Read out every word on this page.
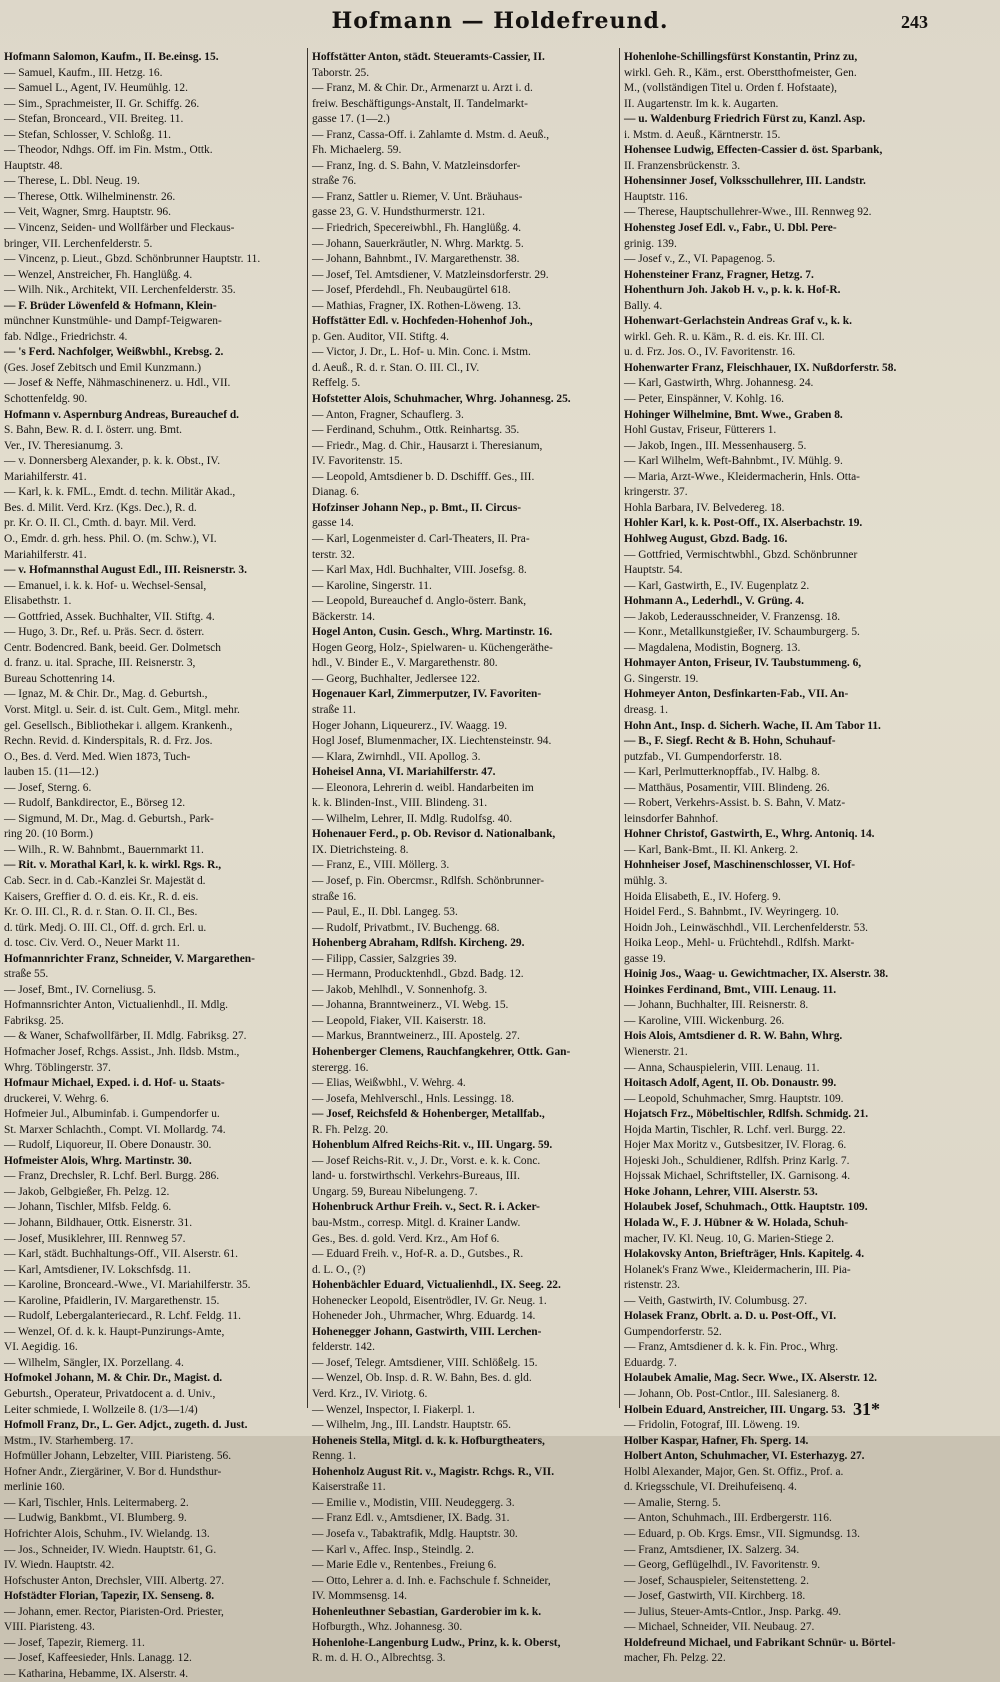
Hofmann — Holdefreund.	243
Hofmann Salomon, Kaufm., II. Be.einsg. 15.
— Samuel, Kaufm., III. Hetzg. 16.
— Samuel L., Agent, IV. Heumühlg. 12.
— Sim., Sprachmeister, II. Gr. Schiffg. 26.
— Stefan, Bronceard., VII. Breiteg. 11.
— Stefan, Schlosser, V. Schloßg. 11.
— Theodor, Ndhgs. Off. im Fin. Mstm., Ottk.
Hauptstr. 48.
— Therese, L. Dbl. Neug. 19.
— Therese, Ottk. Wilhelminenstr. 26.
— Veit, Wagner, Smrg. Hauptstr. 96.
— Vincenz, Seiden- und Wollfärber und Fleckaus-
bringer, VII. Lerchenfelderstr. 5.
— Vincenz, p. Lieut., Gbzd. Schönbrunner Hauptstr. 11.
— Wenzel, Anstreicher, Fh. Hanglüßg. 4.
— Wilh. Nik., Architekt, VII. Lerchenfelderstr. 35.
— F. Brüder Löwenfeld & Hofmann, Klein-
münchner Kunstmühle- und Dampf-Teigwaren-
fab. Ndlge., Friedrichstr. 4.
— 's Ferd. Nachfolger, Weißwbhl., Krebsg. 2.
(Ges. Josef Zebitsch und Emil Kunzmann.)
— Josef & Neffe, Nähmaschinenerz. u. Hdl., VII.
Schottenfeldg. 90.
Hofmann v. Aspernburg Andreas, Bureauchef d.
S. Bahn, Bew. R. d. I. österr. ung. Bmt.
Ver., IV. Theresianumg. 3.
— v. Donnersberg Alexander, p. k. k. Obst., IV.
Mariahilferstr. 41.
— Karl, k. k. FML., Emdt. d. techn. Militär Akad.,
Bes. d. Milit. Verd. Krz. (Kgs. Dec.), R. d.
pr. Kr. O. II. Cl., Cmth. d. bayr. Mil. Verd.
O., Emdr. d. grh. hess. Phil. O. (m. Schw.), VI.
Mariahilferstr. 41.
— v. Hofmannsthal August Edl., III. Reisnerstr. 3.
— Emanuel, i. k. k. Hof- u. Wechsel-Sensal,
Elisabethstr. 1.
— Gottfried, Assek. Buchhalter, VII. Stiftg. 4.
— Hugo, 3. Dr., Ref. u. Präs. Secr. d. österr.
Centr. Bodencred. Bank, beeid. Ger. Dolmetsch
d. franz. u. ital. Sprache, III. Reisnerstr. 3,
Bureau Schottenring 14.
— Ignaz, M. & Chir. Dr., Mag. d. Geburtsh.,
Vorst. Mitgl. u. Seir. d. ist. Cult. Gem., Mitgl. mehr.
gel. Gesellsch., Bibliothekar i. allgem. Krankenh.,
Rechn. Revid. d. Kinderspitals, R. d. Frz. Jos.
O., Bes. d. Verd. Med. Wien 1873, Tuch-
lauben 15. (11—12.)
— Josef, Sterng. 6.
— Rudolf, Bankdirector, E., Börseg 12.
— Sigmund, M. Dr., Mag. d. Geburtsh., Park-
ring 20. (10 Borm.)
— Wilh., R. W. Bahnbmt., Bauernmarkt 11.
— Rit. v. Morathal Karl, k. k. wirkl. Rgs. R.,
Cab. Secr. in d. Cab.-Kanzlei Sr. Majestät d.
Kaisers, Greffier d. O. d. eis. Kr., R. d. eis.
Kr. O. III. Cl., R. d. r. Stan. O. II. Cl., Bes.
d. türk. Medj. O. III. Cl., Off. d. grch. Erl. u.
d. tosc. Civ. Verd. O., Neuer Markt 11.
Hofmannrichter Franz, Schneider, V. Margarethen-
straße 55.
— Josef, Bmt., IV. Corneliusg. 5.
Hofmannsrichter Anton, Victualienhdl., II. Mdlg.
Fabriksg. 25.
— & Waner, Schafwollfärber, II. Mdlg. Fabriksg. 27.
Hofmacher Josef, Rchgs. Assist., Jnh. Ildsb. Mstm.,
Whrg. Töblingerstr. 37.
Hofmaur Michael, Exped. i. d. Hof- u. Staats-
druckerei, V. Wehrg. 6.
Hofmeier Jul., Albuminfab. i. Gumpendorfer u.
St. Marxer Schlachth., Compt. VI. Mollardg. 74.
— Rudolf, Liquoreur, II. Obere Donaustr. 30.
Hofmeister Alois, Whrg. Martinstr. 30.
— Franz, Drechsler, R. Lchf. Berl. Burgg. 286.
— Jakob, Gelbgießer, Fh. Pelzg. 12.
— Johann, Tischler, Mlfsb. Feldg. 6.
— Johann, Bildhauer, Ottk. Eisnerstr. 31.
— Josef, Musiklehrer, III. Rennweg 57.
— Karl, städt. Buchhaltungs-Off., VII. Alserstr. 61.
— Karl, Amtsdiener, IV. Lokschfsdg. 11.
— Karoline, Bronceard.-Wwe., VI. Mariahilferstr. 35.
— Karoline, Pfaidlerin, IV. Margarethenstr. 15.
— Rudolf, Lebergalanteriecard., R. Lchf. Feldg. 11.
— Wenzel, Of. d. k. k. Haupt-Punzirungs-Amte,
VI. Aegidig. 16.
— Wilhelm, Sängler, IX. Porzellang. 4.
Hofmokel Johann, M. & Chir. Dr., Magist. d.
Geburtsh., Operateur, Privatdocent a. d. Univ.,
Leiter schmiede, I. Wollzeile 8. (1/3—1/4)
Hofmoll Franz, Dr., L. Ger. Adjct., zugeth. d. Just.
Mstm., IV. Starhemberg. 17.
Hofmüller Johann, Lebzelter, VIII. Piaristeng. 56.
Hofner Andr., Ziergäriner, V. Bor d. Hundsthur-
merlinie 160.
— Karl, Tischler, Hnls. Leitermaberg. 2.
— Ludwig, Bankbmt., VI. Blumberg. 9.
Hofrichter Alois, Schuhm., IV. Wielandg. 13.
— Jos., Schneider, IV. Wiedn. Hauptstr. 61, G.
IV. Wiedn. Hauptstr. 42.
Hofschuster Anton, Drechsler, VIII. Albertg. 27.
Hofstädter Florian, Tapezir, IX. Senseng. 8.
— Johann, emer. Rector, Piaristen-Ord. Priester,
VIII. Piaristeng. 43.
— Josef, Tapezir, Riemerg. 11.
— Josef, Kaffeesieder, Hnls. Lanagg. 12.
— Katharina, Hebamme, IX. Alserstr. 4.
Hoffstätter Anton, städt. Steueramts-Cassier, II.
Taborstr. 25.
— Franz, M. & Chir. Dr., Armenarzt u. Arzt i. d.
freiw. Beschäftigungs-Anstalt, II. Tandelmarkt-
gasse 17. (1—2.)
— Franz, Cassa-Off. i. Zahlamte d. Mstm. d. Aeuß.,
Fh. Michaelerg. 59.
— Franz, Ing. d. S. Bahn, V. Matzleinsdorfer-
straße 76.
— Franz, Sattler u. Riemer, V. Unt. Bräuhaus-
gasse 23, G. V. Hundsthurmerstr. 121.
— Friedrich, Specereiwbhl., Fh. Hanglüßg. 4.
— Johann, Sauerkräutler, N. Whrg. Marktg. 5.
— Johann, Bahnbmt., IV. Margarethenstr. 38.
— Josef, Tel. Amtsdiener, V. Matzleinsdorferstr. 29.
— Josef, Pferdehdl., Fh. Neubaugürtel 618.
— Mathias, Fragner, IX. Rothen-Löweng. 13.
Hoffstätter Edl. v. Hochfeden-Hohenhof Joh.,
p. Gen. Auditor, VII. Stiftg. 4.
— Victor, J. Dr., L. Hof- u. Min. Conc. i. Mstm.
d. Aeuß., R. d. r. Stan. O. III. Cl., IV.
Reffelg. 5.
Hofstetter Alois, Schuhmacher, Whrg. Johannesg. 25.
— Anton, Fragner, Schauflerg. 3.
— Ferdinand, Schuhm., Ottk. Reinhartsg. 35.
— Friedr., Mag. d. Chir., Hausarzt i. Theresianum,
IV. Favoritenstr. 15.
— Leopold, Amtsdiener b. D. Dschifff. Ges., III.
Dianag. 6.
Hofzinser Johann Nep., p. Bmt., II. Circus-
gasse 14.
— Karl, Logenmeister d. Carl-Theaters, II. Pra-
terstr. 32.
— Karl Max, Hdl. Buchhalter, VIII. Josefsg. 8.
— Karoline, Singerstr. 11.
— Leopold, Bureauchef d. Anglo-österr. Bank,
Bäckerstr. 14.
Hogel Anton, Cusin. Gesch., Whrg. Martinstr. 16.
Hogen Georg, Holz-, Spielwaren- u. Küchengeräthe-
hdl., V. Binder E., V. Margarethenstr. 80.
— Georg, Buchhalter, Jedlersee 122.
Hogenauer Karl, Zimmerputzer, IV. Favoriten-
straße 11.
Hoger Johann, Liqueurerz., IV. Waagg. 19.
Hogl Josef, Blumenmacher, IX. Liechtensteinstr. 94.
— Klara, Zwirnhdl., VII. Apollog. 3.
Hoheisel Anna, VI. Mariahilferstr. 47.
— Eleonora, Lehrerin d. weibl. Handarbeiten im
k. k. Blinden-Inst., VIII. Blindeng. 31.
— Wilhelm, Lehrer, II. Mdlg. Rudolfsg. 40.
Hohenauer Ferd., p. Ob. Revisor d. Nationalbank,
IX. Dietrichsteing. 8.
— Franz, E., VIII. Möllerg. 3.
— Josef, p. Fin. Obercmsr., Rdlfsh. Schönbrunner-
straße 16.
— Paul, E., II. Dbl. Langeg. 53.
— Rudolf, Privatbmt., IV. Buchengg. 68.
Hohenberg Abraham, Rdlfsh. Kircheng. 29.
— Filipp, Cassier, Salzgries 39.
— Hermann, Producktenhdl., Gbzd. Badg. 12.
— Jakob, Mehlhdl., V. Sonnenhofg. 3.
— Johanna, Branntweinerz., VI. Webg. 15.
— Leopold, Fiaker, VII. Kaiserstr. 18.
— Markus, Branntweinerz., III. Apostelg. 27.
Hohenberger Clemens, Rauchfangkehrer, Ottk. Gan-
sterergg. 16.
— Elias, Weißwbhl., V. Wehrg. 4.
— Josefa, Mehlverschl., Hnls. Lessingg. 18.
— Josef, Reichsfeld & Hohenberger, Metallfab.,
R. Fh. Pelzg. 20.
Hohenblum Alfred Reichs-Rit. v., III. Ungarg. 59.
— Josef Reichs-Rit. v., J. Dr., Vorst. e. k. k. Conc.
land- u. forstwirthschl. Verkehrs-Bureaus, III.
Ungarg. 59, Bureau Nibelungeng. 7.
Hohenbruck Arthur Freih. v., Sect. R. i. Acker-
bau-Mstm., corresp. Mitgl. d. Krainer Landw.
Ges., Bes. d. gold. Verd. Krz., Am Hof 6.
— Eduard Freih. v., Hof-R. a. D., Gutsbes., R.
d. L. O., (?)
Hohenbächler Eduard, Victualienhdl., IX. Seeg. 22.
Hohenecker Leopold, Eisentrödler, IV. Gr. Neug. 1.
Hoheneder Joh., Uhrmacher, Whrg. Eduardg. 14.
Hohenegger Johann, Gastwirth, VIII. Lerchen-
felderstr. 142.
— Josef, Telegr. Amtsdiener, VIII. Schlößelg. 15.
— Wenzel, Ob. Insp. d. R. W. Bahn, Bes. d. gld.
Verd. Krz., IV. Viriotg. 6.
— Wenzel, Inspector, I. Fiakerpl. 1.
— Wilhelm, Jng., III. Landstr. Hauptstr. 65.
Hoheneis Stella, Mitgl. d. k. k. Hofburgtheaters,
Renng. 1.
Hohenholz August Rit. v., Magistr. Rchgs. R., VII.
Kaiserstraße 11.
— Emilie v., Modistin, VIII. Neudeggerg. 3.
— Franz Edl. v., Amtsdiener, IX. Badg. 31.
— Josefa v., Tabaktrafik, Mdlg. Hauptstr. 30.
— Karl v., Affec. Insp., Steindlg. 2.
— Marie Edle v., Rentenbes., Freiung 6.
— Otto, Lehrer a. d. Inh. e. Fachschule f. Schneider,
IV. Mommsensg. 14.
Hohenleuthner Sebastian, Garderobier im k. k.
Hofburgth., Whz. Johannesg. 30.
Hohenlohe-Langenburg Ludw., Prinz, k. k. Oberst,
R. m. d. H. O., Albrechtsg. 3.
Hohenlohe-Schillingsfürst Konstantin, Prinz zu,
wirkl. Geh. R., Käm., erst. Oberstthofmeister, Gen.
M., (vollständigen Titel u. Orden f. Hofstaate),
II. Augartenstr. Im k. k. Augarten.
— u. Waldenburg Friedrich Fürst zu, Kanzl. Asp.
i. Mstm. d. Aeuß., Kärntnerstr. 15.
Hohensee Ludwig, Effecten-Cassier d. öst. Sparbank,
II. Franzensbrückenstr. 3.
Hohensinner Josef, Volksschullehrer, III. Landstr.
Hauptstr. 116.
— Therese, Hauptschullehrer-Wwe., III. Rennweg 92.
Hohensteg Josef Edl. v., Fabr., U. Dbl. Pere-
grinig. 139.
— Josef v., Z., VI. Papagenog. 5.
Hohensteiner Franz, Fragner, Hetzg. 7.
Hohenthurn Joh. Jakob H. v., p. k. k. Hof-R.
Bally. 4.
Hohenwart-Gerlachstein Andreas Graf v., k. k.
wirkl. Geh. R. u. Käm., R. d. eis. Kr. III. Cl.
u. d. Frz. Jos. O., IV. Favoritenstr. 16.
Hohenwarter Franz, Fleischhauer, IX. Nußdorferstr. 58.
— Karl, Gastwirth, Whrg. Johannesg. 24.
— Peter, Einspänner, V. Kohlg. 16.
Hohinger Wilhelmine, Bmt. Wwe., Graben 8.
Hohl Gustav, Friseur, Fütterers 1.
— Jakob, Ingen., III. Messenhauserg. 5.
— Karl Wilhelm, Weft-Bahnbmt., IV. Mühlg. 9.
— Maria, Arzt-Wwe., Kleidermacherin, Hnls. Otta-
kringerstr. 37.
Hohla Barbara, IV. Belvedereg. 18.
Hohler Karl, k. k. Post-Off., IX. Alserbachstr. 19.
Hohlweg August, Gbzd. Badg. 16.
— Gottfried, Vermischtwbhl., Gbzd. Schönbrunner
Hauptstr. 54.
— Karl, Gastwirth, E., IV. Eugenplatz 2.
Hohmann A., Lederhdl., V. Grüng. 4.
— Jakob, Lederausschneider, V. Franzensg. 18.
— Konr., Metallkunstgießer, IV. Schaumburgerg. 5.
— Magdalena, Modistin, Bognerg. 13.
Hohmayer Anton, Friseur, IV. Taubstummeng. 6,
G. Singerstr. 19.
Hohmeyer Anton, Desfinkarten-Fab., VII. An-
dreasg. 1.
Hohn Ant., Insp. d. Sicherh. Wache, II. Am Tabor 11.
— B., F. Siegf. Recht & B. Hohn, Schuhauf-
putzfab., VI. Gumpendorferstr. 18.
— Karl, Perlmutterknopffab., IV. Halbg. 8.
— Matthäus, Posamentir, VIII. Blindeng. 26.
— Robert, Verkehrs-Assist. b. S. Bahn, V. Matz-
leinsdorfer Bahnhof.
Hohner Christof, Gastwirth, E., Whrg. Antoniq. 14.
— Karl, Bank-Bmt., II. Kl. Ankerg. 2.
Hohnheiser Josef, Maschinenschlosser, VI. Hof-
mühlg. 3.
Hoida Elisabeth, E., IV. Hoferg. 9.
Hoidel Ferd., S. Bahnbmt., IV. Weyringerg. 10.
Hoidn Joh., Leinwäschhdl., VII. Lerchenfelderstr. 53.
Hoika Leop., Mehl- u. Früchtehdl., Rdlfsh. Markt-
gasse 19.
Hoinig Jos., Waag- u. Gewichtmacher, IX. Alserstr. 38.
Hoinkes Ferdinand, Bmt., VIII. Lenaug. 11.
— Johann, Buchhalter, III. Reisnerstr. 8.
— Karoline, VIII. Wickenburg. 26.
Hois Alois, Amtsdiener d. R. W. Bahn, Whrg.
Wienerstr. 21.
— Anna, Schauspielerin, VIII. Lenaug. 11.
Hoitasch Adolf, Agent, II. Ob. Donaustr. 99.
— Leopold, Schuhmacher, Smrg. Hauptstr. 109.
Hojatsch Frz., Möbeltischler, Rdlfsh. Schmidg. 21.
Hojda Martin, Tischler, R. Lchf. verl. Burgg. 22.
Hojer Max Moritz v., Gutsbesitzer, IV. Florag. 6.
Hojeski Joh., Schuldiener, Rdlfsh. Prinz Karlg. 7.
Hojssak Michael, Schriftsteller, IX. Garnisong. 4.
Hoke Johann, Lehrer, VIII. Alserstr. 53.
Holaubek Josef, Schuhmach., Ottk. Hauptstr. 109.
Holada W., F. J. Hübner & W. Holada, Schuh-
macher, IV. Kl. Neug. 10, G. Marien-Stiege 2.
Holakovsky Anton, Briefträger, Hnls. Kapitelg. 4.
Holanek's Franz Wwe., Kleidermacherin, III. Pia-
ristenstr. 23.
— Veith, Gastwirth, IV. Columbusg. 27.
Holasek Franz, Obrlt. a. D. u. Post-Off., VI.
Gumpendorferstr. 52.
— Franz, Amtsdiener d. k. k. Fin. Proc., Whrg.
Eduardg. 7.
Holaubek Amalie, Mag. Secr. Wwe., IX. Alserstr. 12.
— Johann, Ob. Post-Cntlor., III. Salesianerg. 8.
Holbein Eduard, Anstreicher, III. Ungarg. 53.
— Fridolin, Fotograf, III. Löweng. 19.
Holber Kaspar, Hafner, Fh. Sperg. 14.
Holbert Anton, Schuhmacher, VI. Esterhazyg. 27.
Holbl Alexander, Major, Gen. St. Offiz., Prof. a.
d. Kriegsschule, VI. Dreihufeisenq. 4.
— Amalie, Sterng. 5.
— Anton, Schuhmach., III. Erdbergerstr. 116.
— Eduard, p. Ob. Krgs. Emsr., VII. Sigmundsg. 13.
— Franz, Amtsdiener, IX. Salzerg. 34.
— Georg, Geflügelhdl., IV. Favoritenstr. 9.
— Josef, Schauspieler, Seitenstetteng. 2.
— Josef, Gastwirth, VII. Kirchberg. 18.
— Julius, Steuer-Amts-Cntlor., Jnsp. Parkg. 49.
— Michael, Schneider, VII. Neubaug. 27.
Holdefreund Michael, und Fabrikant Schnür- u. Börtel-
macher, Fh. Pelzg. 22.
31*
